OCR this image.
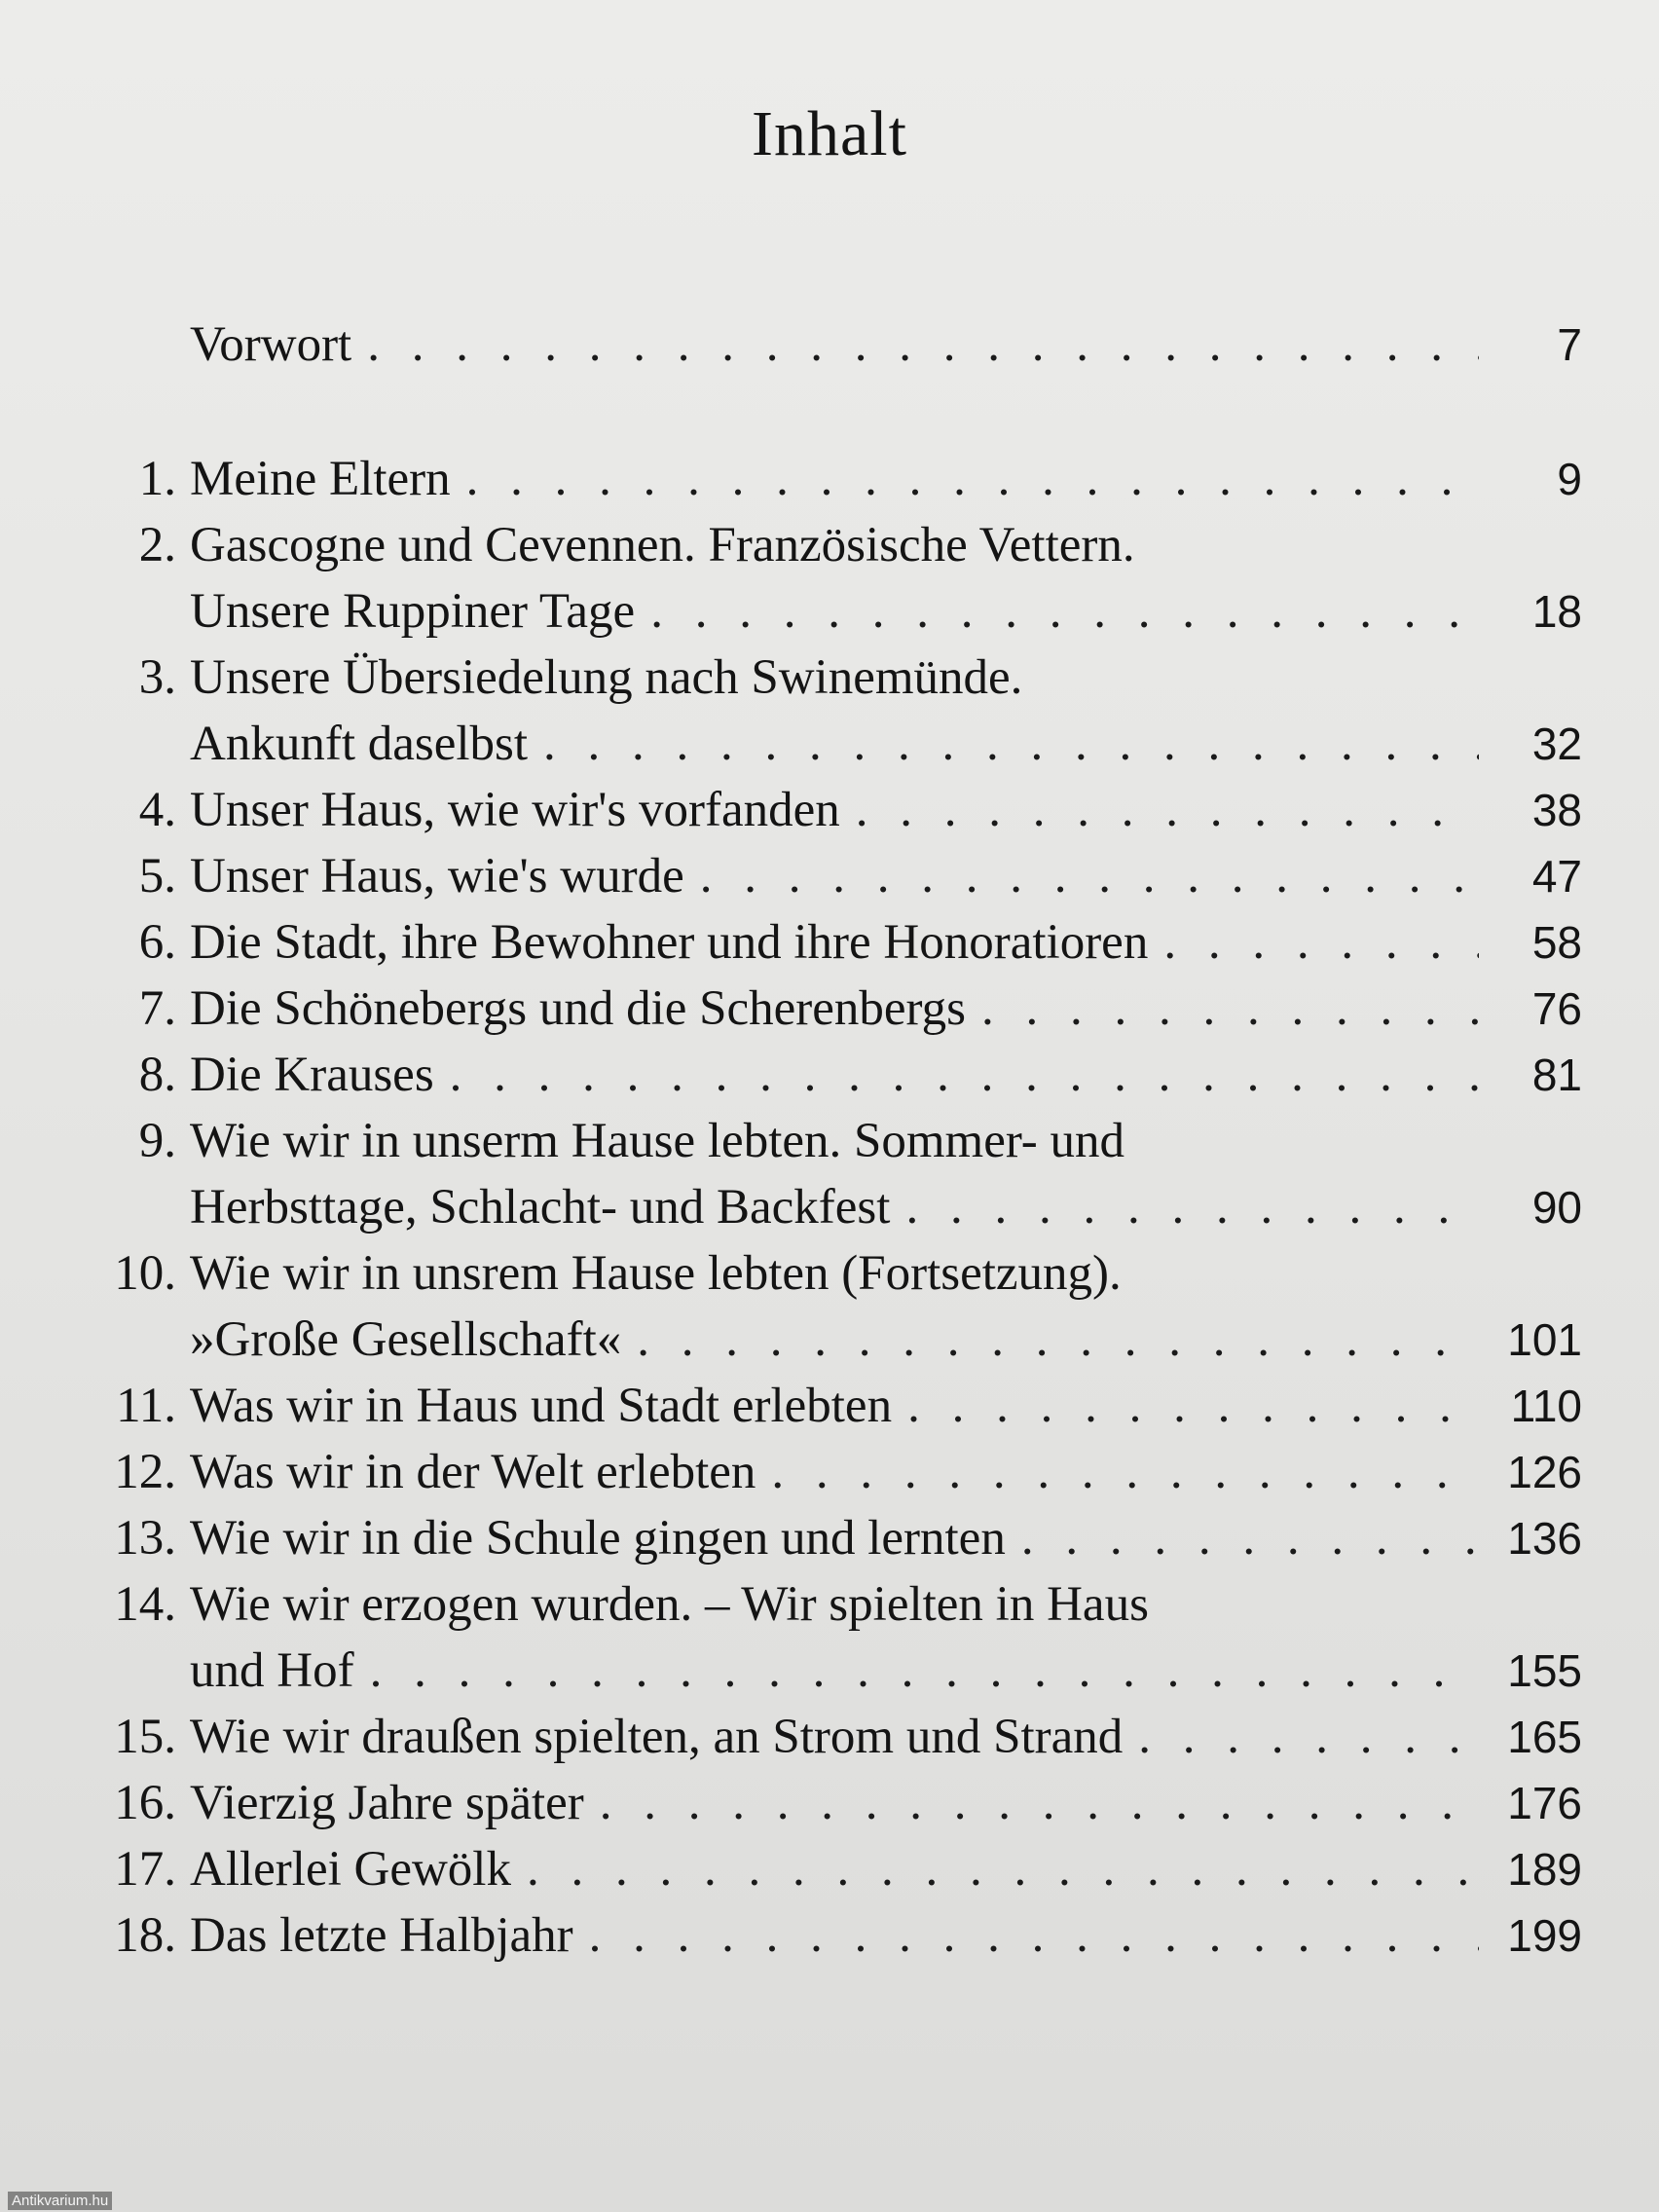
Inhalt
Vorwort . . .	7
1. Meine Eltern . . .	9
2. Gascogne und Cevennen. Französische Vettern.
Unsere Ruppiner Tage . . .	18
3. Unsere Übersiedelung nach Swinemünde.
Ankunft daselbst . . .	32
4. Unser Haus, wie wir's vorfanden . . .	38
5. Unser Haus, wie's wurde . . .	47
6. Die Stadt, ihre Bewohner und ihre Honoratioren . . .	58
7. Die Schönebergs und die Scherenbergs . . .	76
8. Die Krauses . . .	81
9. Wie wir in unserm Hause lebten. Sommer- und
Herbsttage, Schlacht- und Backfest . . .	90
10. Wie wir in unsrem Hause lebten (Fortsetzung).
»Große Gesellschaft« . . .	101
11. Was wir in Haus und Stadt erlebten . . .	110
12. Was wir in der Welt erlebten . . .	126
13. Wie wir in die Schule gingen und lernten . . .	136
14. Wie wir erzogen wurden. – Wir spielten in Haus
und Hof . . .	155
15. Wie wir draußen spielten, an Strom und Strand . . .	165
16. Vierzig Jahre später . . .	176
17. Allerlei Gewölk . . .	189
18. Das letzte Halbjahr . . .	199
Antikvarium.hu
